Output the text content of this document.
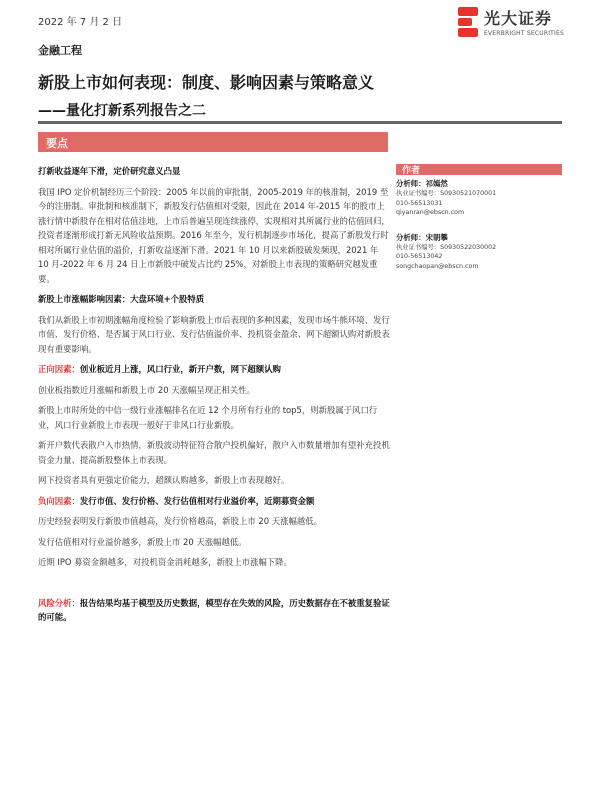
2022 年 7 月 2 日	光大证券
EVERBRIGHT SECURITIES
金融工程
新股上市如何表现：制度、影响因素与策略意义
——量化打新系列报告之二
要点

打新收益逐年下滑，定价研究意义凸显

我国 IPO 定价机制经历三个阶段：2005 年以前的审批制，2005-2019 年的核准制，2019 至今的注册制。审批制和核准制下，新股发行估值相对受限，因此在 2014 年-2015 年的股市上涨行情中新股存在相对估值洼地，上市后普遍呈现连续涨停，实现相对其所属行业的估值回归，投资者逐渐形成打新无风险收益预期。2016 年至今，发行机制逐步市场化，提高了新股发行时相对所属行业估值的溢价，打新收益逐渐下滑。2021 年 10 月以来新股破发频现，2021 年 10 月-2022 年 6 月 24 日上市新股中破发占比约 25%，对新股上市表现的策略研究越发重要。

新股上市涨幅影响因素：大盘环境+个股特质

我们从新股上市初期涨幅角度检验了影响新股上市后表现的多种因素，发现市场牛熊环境、发行市值、发行价格、是否属于风口行业、发行估值溢价率、投机资金盈余、网下超额认购对新股表现有重要影响。

正向因素：创业板近月上涨，风口行业，新开户数，网下超额认购

创业板指数近月涨幅和新股上市 20 天涨幅呈现正相关性。

新股上市时所处的中信一级行业涨幅排名在近 12 个月所有行业的 top5，则新股属于风口行业，风口行业新股上市表现一般好于非风口行业新股。

新开户数代表散户入市热情，新股波动特征符合散户投机偏好，散户入市数量增加有望补充投机资金力量、提高新股整体上市表现。

网下投资者具有更强定价能力，超额认购越多，新股上市表现越好。

负向因素：发行市值、发行价格、发行估值相对行业溢价率，近期募资金额

历史经验表明发行新股市值越高，发行价格越高，新股上市 20 天涨幅越低。

发行估值相对行业溢价越多，新股上市 20 天涨幅越低。

近期 IPO 募资金额越多，对投机资金消耗越多，新股上市涨幅下降。

风险分析：报告结果均基于模型及历史数据，模型存在失效的风险，历史数据存在不被重复验证的可能。

作者
分析师：祁嫣然
执业证书编号：S0930521070001
010-56513031
qiyanran@ebscn.com
分析师：宋朝攀
执业证书编号：S0930522030002
010-56513042
songchaopan@ebscn.com
